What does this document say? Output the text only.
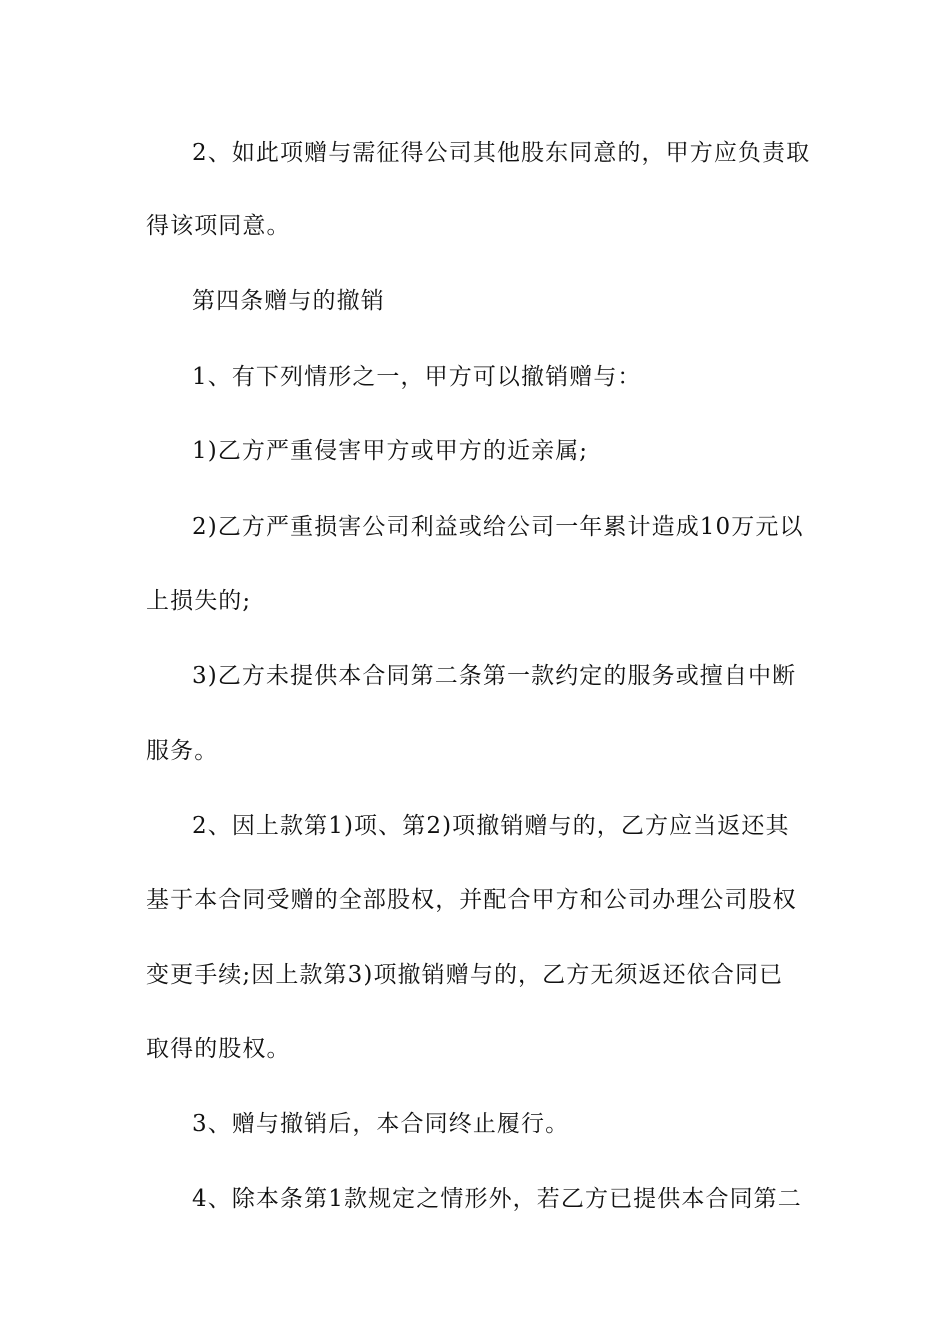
2、如此项赠与需征得公司其他股东同意的，甲方应负责取
得该项同意。
第四条赠与的撤销
1、有下列情形之一，甲方可以撤销赠与：
1)乙方严重侵害甲方或甲方的近亲属;
2)乙方严重损害公司利益或给公司一年累计造成10万元以
上损失的;
3)乙方未提供本合同第二条第一款约定的服务或擅自中断
服务。
2、因上款第1)项、第2)项撤销赠与的，乙方应当返还其
基于本合同受赠的全部股权，并配合甲方和公司办理公司股权
变更手续;因上款第3)项撤销赠与的，乙方无须返还依合同已
取得的股权。
3、赠与撤销后，本合同终止履行。
4、除本条第1款规定之情形外，若乙方已提供本合同第二
